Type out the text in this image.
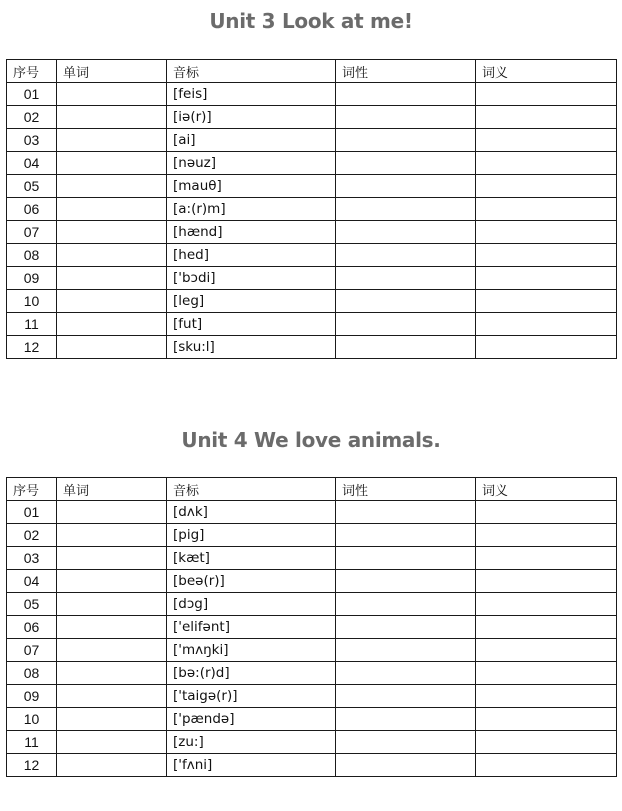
Unit 3 Look at me!
序号	单词	音标	词性	词义
01		[feis]		
02		[iə(r)]		
03		[ai]		
04		[nəuz]		
05		[mauθ]		
06		[a:(r)m]		
07		[hænd]		
08		[hed]		
09		['bɔdi]		
10		[leg]		
11		[fut]		
12		[sku:l]		
Unit 4 We love animals.
序号	单词	音标	词性	词义
01		[dʌk]		
02		[pig]		
03		[kæt]		
04		[beə(r)]		
05		[dɔg]		
06		['elifənt]		
07		['mʌŋki]		
08		[bə:(r)d]		
09		['taigə(r)]		
10		['pændə]		
11		[zu:]		
12		['fʌni]		
